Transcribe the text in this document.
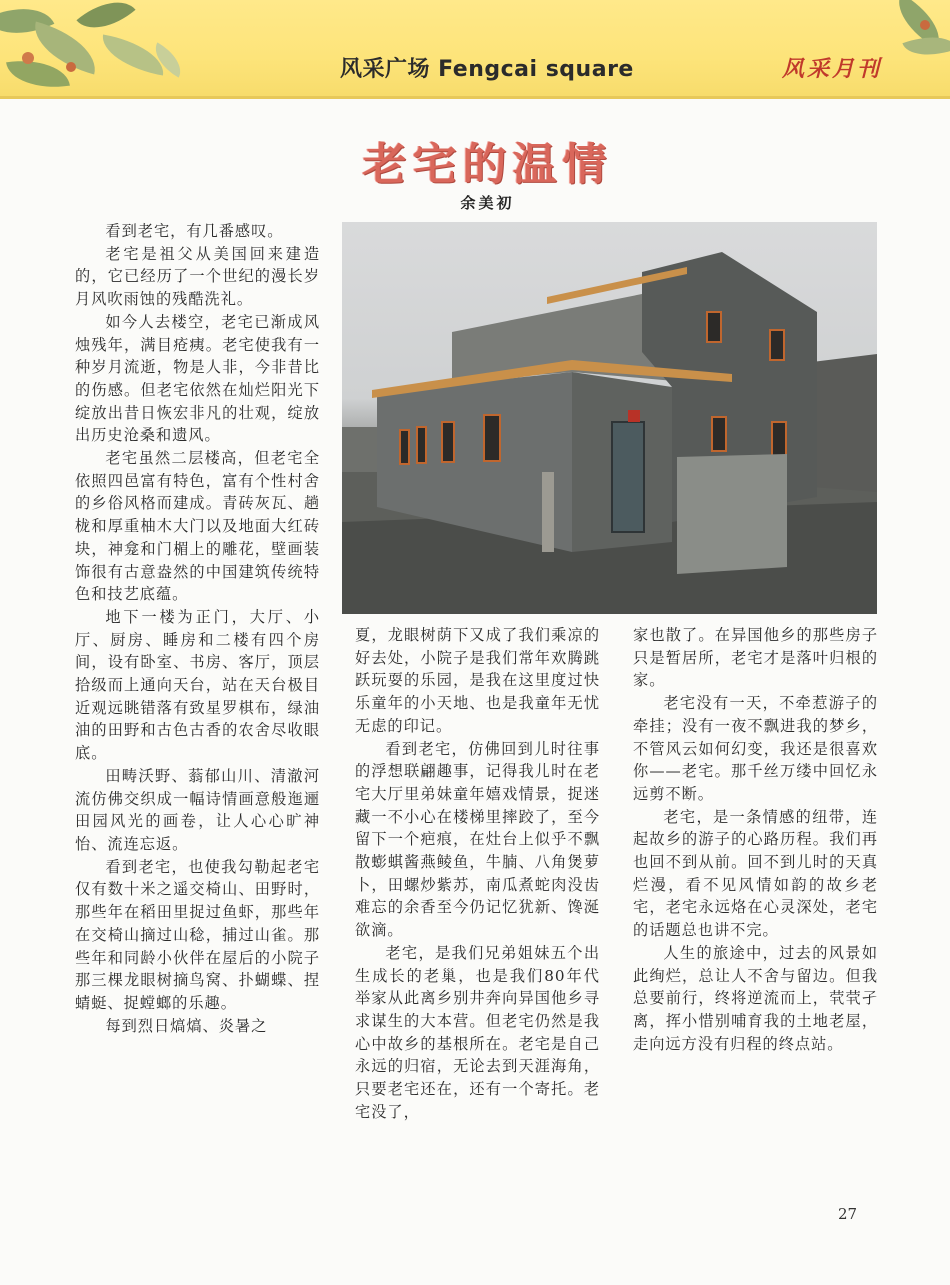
风采广场 Fengcai square	风采月刊
老宅的温情
余美初

看到老宅，有几番感叹。

老宅是祖父从美国回来建造的，它已经历了一个世纪的漫长岁月风吹雨蚀的残酷洗礼。

如今人去楼空，老宅已渐成风烛残年，满目疮痍。老宅使我有一种岁月流逝，物是人非，今非昔比的伤感。但老宅依然在灿烂阳光下绽放出昔日恢宏非凡的壮观，绽放出历史沧桑和遗风。

老宅虽然二层楼高，但老宅全依照四邑富有特色，富有个性村舍的乡俗风格而建成。青砖灰瓦、趟栊和厚重柚木大门以及地面大红砖块，神龛和门楣上的雕花，壁画装饰很有古意盎然的中国建筑传统特色和技艺底蕴。

地下一楼为正门，大厅、小厅、厨房、睡房和二楼有四个房间，设有卧室、书房、客厅，顶层拾级而上通向天台，站在天台极目近观远眺错落有致星罗棋布，绿油油的田野和古色古香的农舍尽收眼底。

田畴沃野、蓊郁山川、清澈河流仿佛交织成一幅诗情画意般迤逦田园风光的画卷，让人心心旷神怡、流连忘返。

看到老宅，也使我勾勒起老宅仅有数十米之遥交椅山、田野时，那些年在稻田里捉过鱼虾，那些年在交椅山摘过山稔，捕过山雀。那些年和同龄小伙伴在屋后的小院子那三棵龙眼树摘鸟窝、扑蝴蝶、捏蜻蜓、捉螳螂的乐趣。

每到烈日熇熇、炎暑之

夏，龙眼树荫下又成了我们乘凉的好去处，小院子是我们常年欢腾跳跃玩耍的乐园，是我在这里度过快乐童年的小天地、也是我童年无忧无虑的印记。

看到老宅，仿佛回到儿时往事的浮想联翩趣事，记得我儿时在老宅大厅里弟妹童年嬉戏情景，捉迷藏一不小心在楼梯里摔跤了，至今留下一个疤痕，在灶台上似乎不飘散蟛蜞酱燕鲮鱼，牛腩、八角煲萝卜，田螺炒紫苏，南瓜煮蛇肉没齿难忘的余香至今仍记忆犹新、馋涎欲滴。

老宅，是我们兄弟姐妹五个出生成长的老巢，也是我们80年代举家从此离乡别井奔向异国他乡寻求谋生的大本营。但老宅仍然是我心中故乡的基根所在。老宅是自己永远的归宿，无论去到天涯海角，只要老宅还在，还有一个寄托。老宅没了，

家也散了。在异国他乡的那些房子只是暂居所，老宅才是落叶归根的家。

老宅没有一天，不牵惹游子的牵挂；没有一夜不飘进我的梦乡，不管风云如何幻变，我还是很喜欢你——老宅。那千丝万缕中回忆永远剪不断。

老宅，是一条情感的纽带，连起故乡的游子的心路历程。我们再也回不到从前。回不到儿时的天真烂漫，看不见风情如韵的故乡老宅，老宅永远烙在心灵深处，老宅的话题总也讲不完。

人生的旅途中，过去的风景如此绚烂，总让人不舍与留边。但我总要前行，终将逆流而上，茕茕孑离，挥小惜别哺育我的土地老屋，走向远方没有归程的终点站。

27
